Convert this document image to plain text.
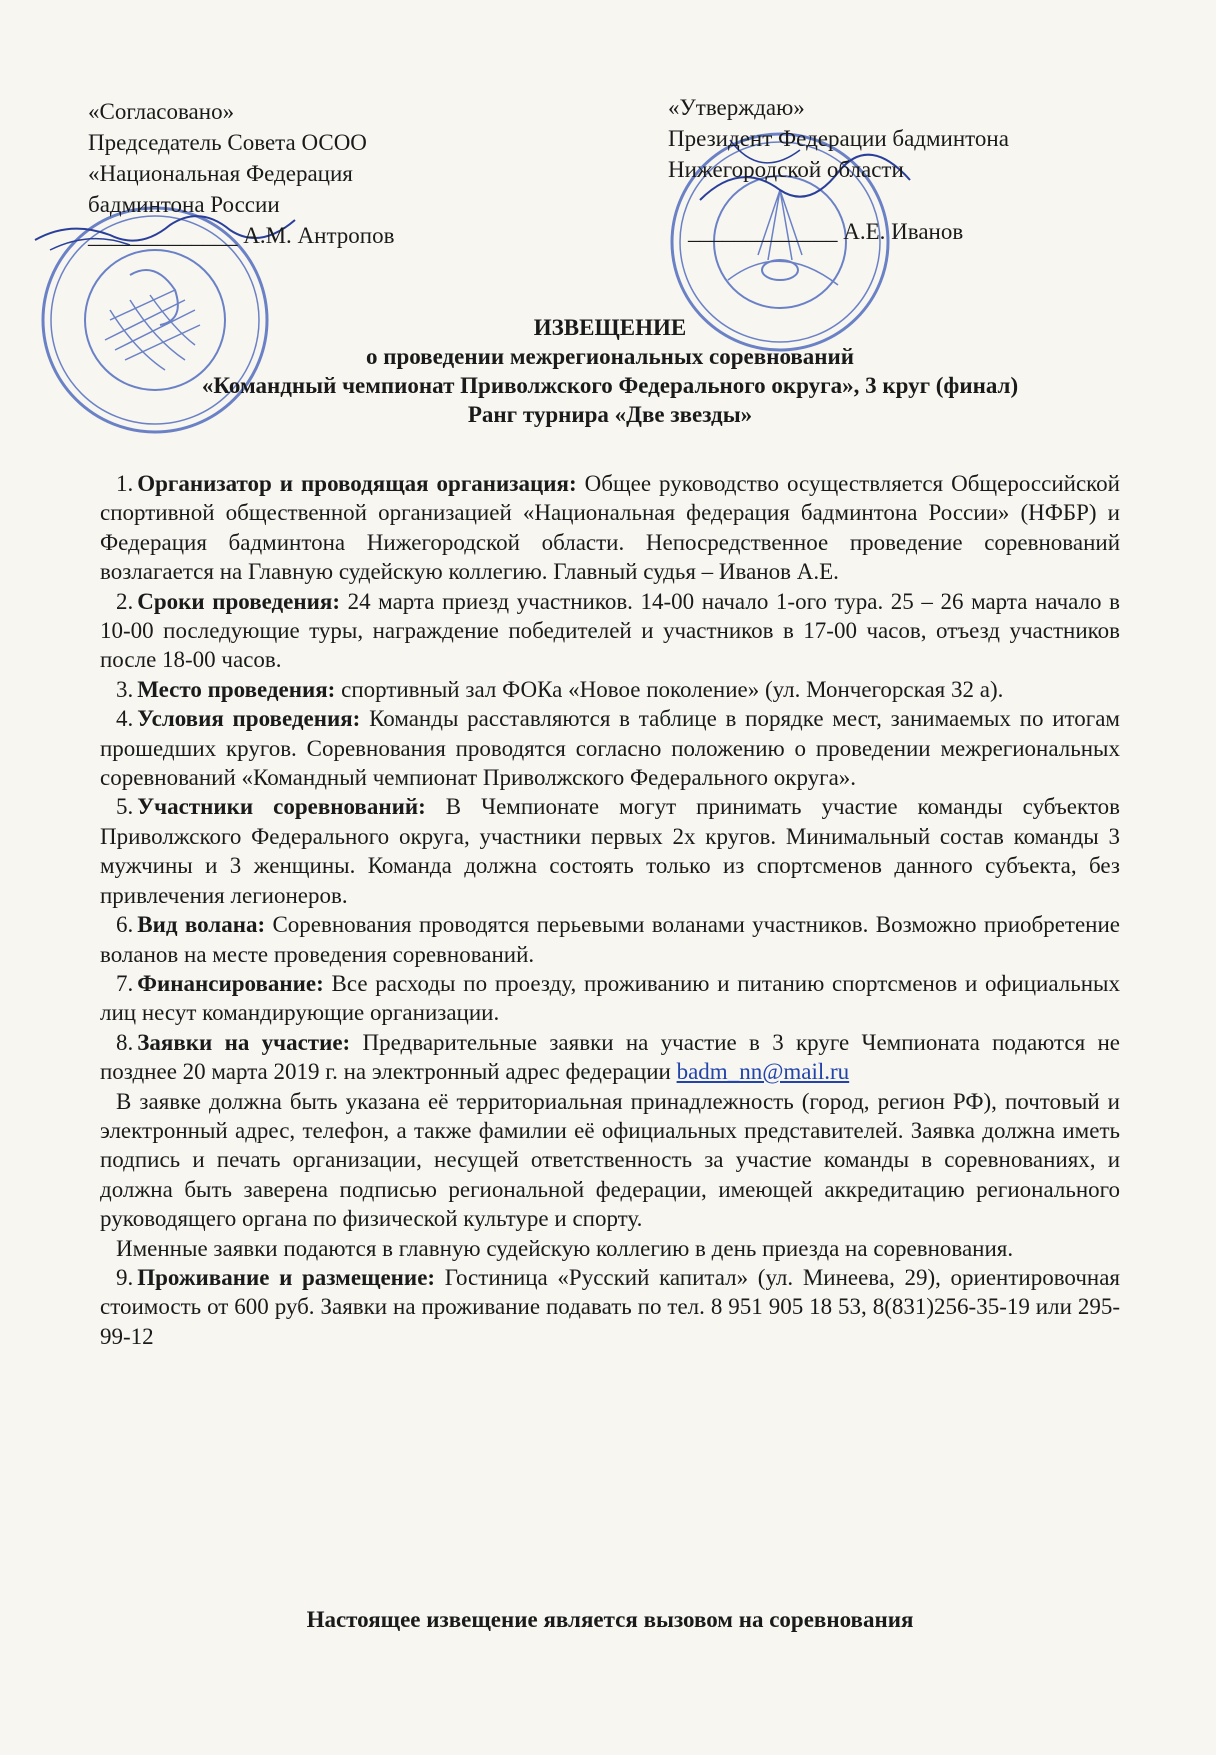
«Согласовано»
Председатель Совета ОСОО
«Национальная Федерация
бадминтона России
_____________ А.М. Антропов
«Утверждаю»
Президент Федерации бадминтона
Нижегородской области
_____________ А.Е. Иванов
ИЗВЕЩЕНИЕ
о проведении межрегиональных соревнований
«Командный чемпионат Приволжского Федерального округа», 3 круг (финал)
Ранг турнира «Две звезды»

1. Организатор и проводящая организация: Общее руководство осуществляется Общероссийской спортивной общественной организацией «Национальная федерация бадминтона России» (НФБР) и Федерация бадминтона Нижегородской области. Непосредственное проведение соревнований возлагается на Главную судейскую коллегию. Главный судья – Иванов А.Е.

2. Сроки проведения: 24 марта приезд участников. 14-00 начало 1-ого тура. 25 – 26 марта начало в 10-00 последующие туры, награждение победителей и участников в 17-00 часов, отъезд участников после 18-00 часов.

3. Место проведения: спортивный зал ФОКа «Новое поколение» (ул. Мончегорская 32 а).

4. Условия проведения: Команды расставляются в таблице в порядке мест, занимаемых по итогам прошедших кругов. Соревнования проводятся согласно положению о проведении межрегиональных соревнований «Командный чемпионат Приволжского Федерального округа».

5. Участники соревнований: В Чемпионате могут принимать участие команды субъектов Приволжского Федерального округа, участники первых 2х кругов. Минимальный состав команды 3 мужчины и 3 женщины. Команда должна состоять только из спортсменов данного субъекта, без привлечения легионеров.

6. Вид волана: Соревнования проводятся перьевыми воланами участников. Возможно приобретение воланов на месте проведения соревнований.

7. Финансирование: Все расходы по проезду, проживанию и питанию спортсменов и официальных лиц несут командирующие организации.

8. Заявки на участие: Предварительные заявки на участие в 3 круге Чемпионата подаются не позднее 20 марта 2019 г. на электронный адрес федерации badm_nn@mail.ru

В заявке должна быть указана её территориальная принадлежность (город, регион РФ), почтовый и электронный адрес, телефон, а также фамилии её официальных представителей. Заявка должна иметь подпись и печать организации, несущей ответственность за участие команды в соревнованиях, и должна быть заверена подписью региональной федерации, имеющей аккредитацию регионального руководящего органа по физической культуре и спорту.

Именные заявки подаются в главную судейскую коллегию в день приезда на соревнования.

9. Проживание и размещение: Гостиница «Русский капитал» (ул. Минеева, 29), ориентировочная стоимость от 600 руб. Заявки на проживание подавать по тел. 8 951 905 18 53, 8(831)256-35-19 или 295-99-12

Настоящее извещение является вызовом на соревнования
